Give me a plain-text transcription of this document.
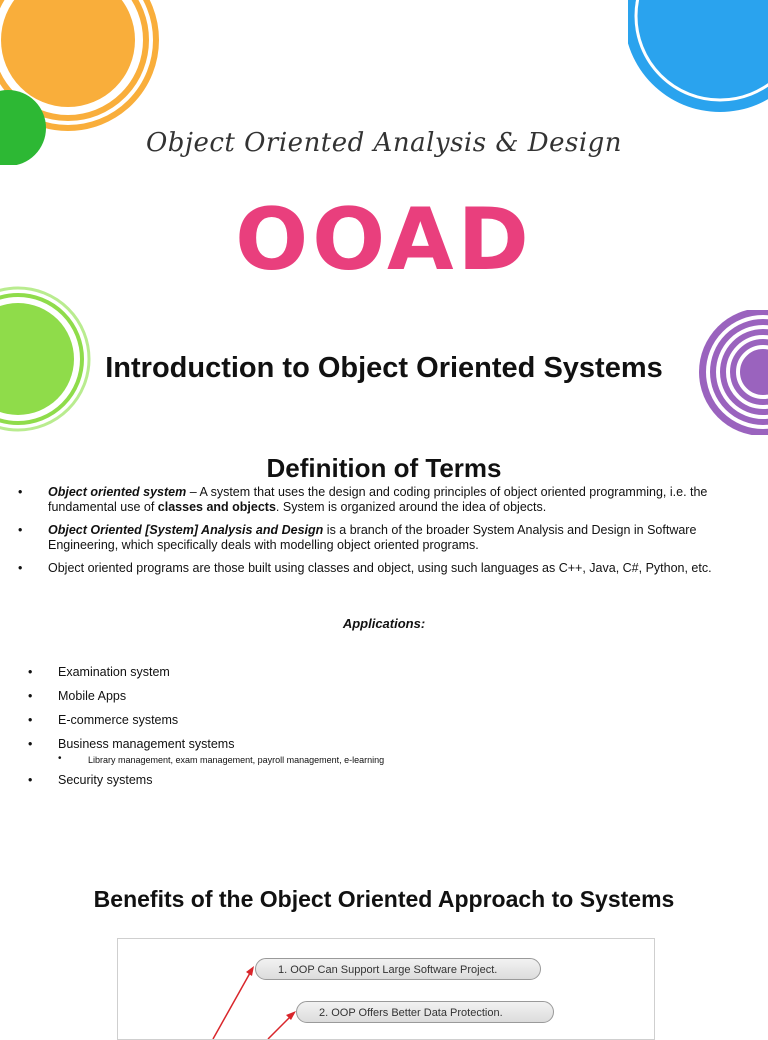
Object Oriented Analysis & Design
OOAD
Introduction to Object Oriented Systems
Definition of Terms
• Object oriented system – A system that uses the design and coding principles of object oriented programming, i.e. the fundamental use of classes and objects. System is organized around the idea of objects.
• Object Oriented [System] Analysis and Design is a branch of the broader System Analysis and Design in Software Engineering, which specifically deals with modelling object oriented programs.
• Object oriented programs are those built using classes and object, using such languages as C++, Java, C#, Python, etc.
Applications:
• Examination system
• Mobile Apps
• E-commerce systems
• Business management systems
•	Library management, exam management, payroll management, e-learning
• Security systems
Benefits of the Object Oriented Approach to Systems
1. OOP Can Support Large Software Project.
2. OOP Offers Better Data Protection.
